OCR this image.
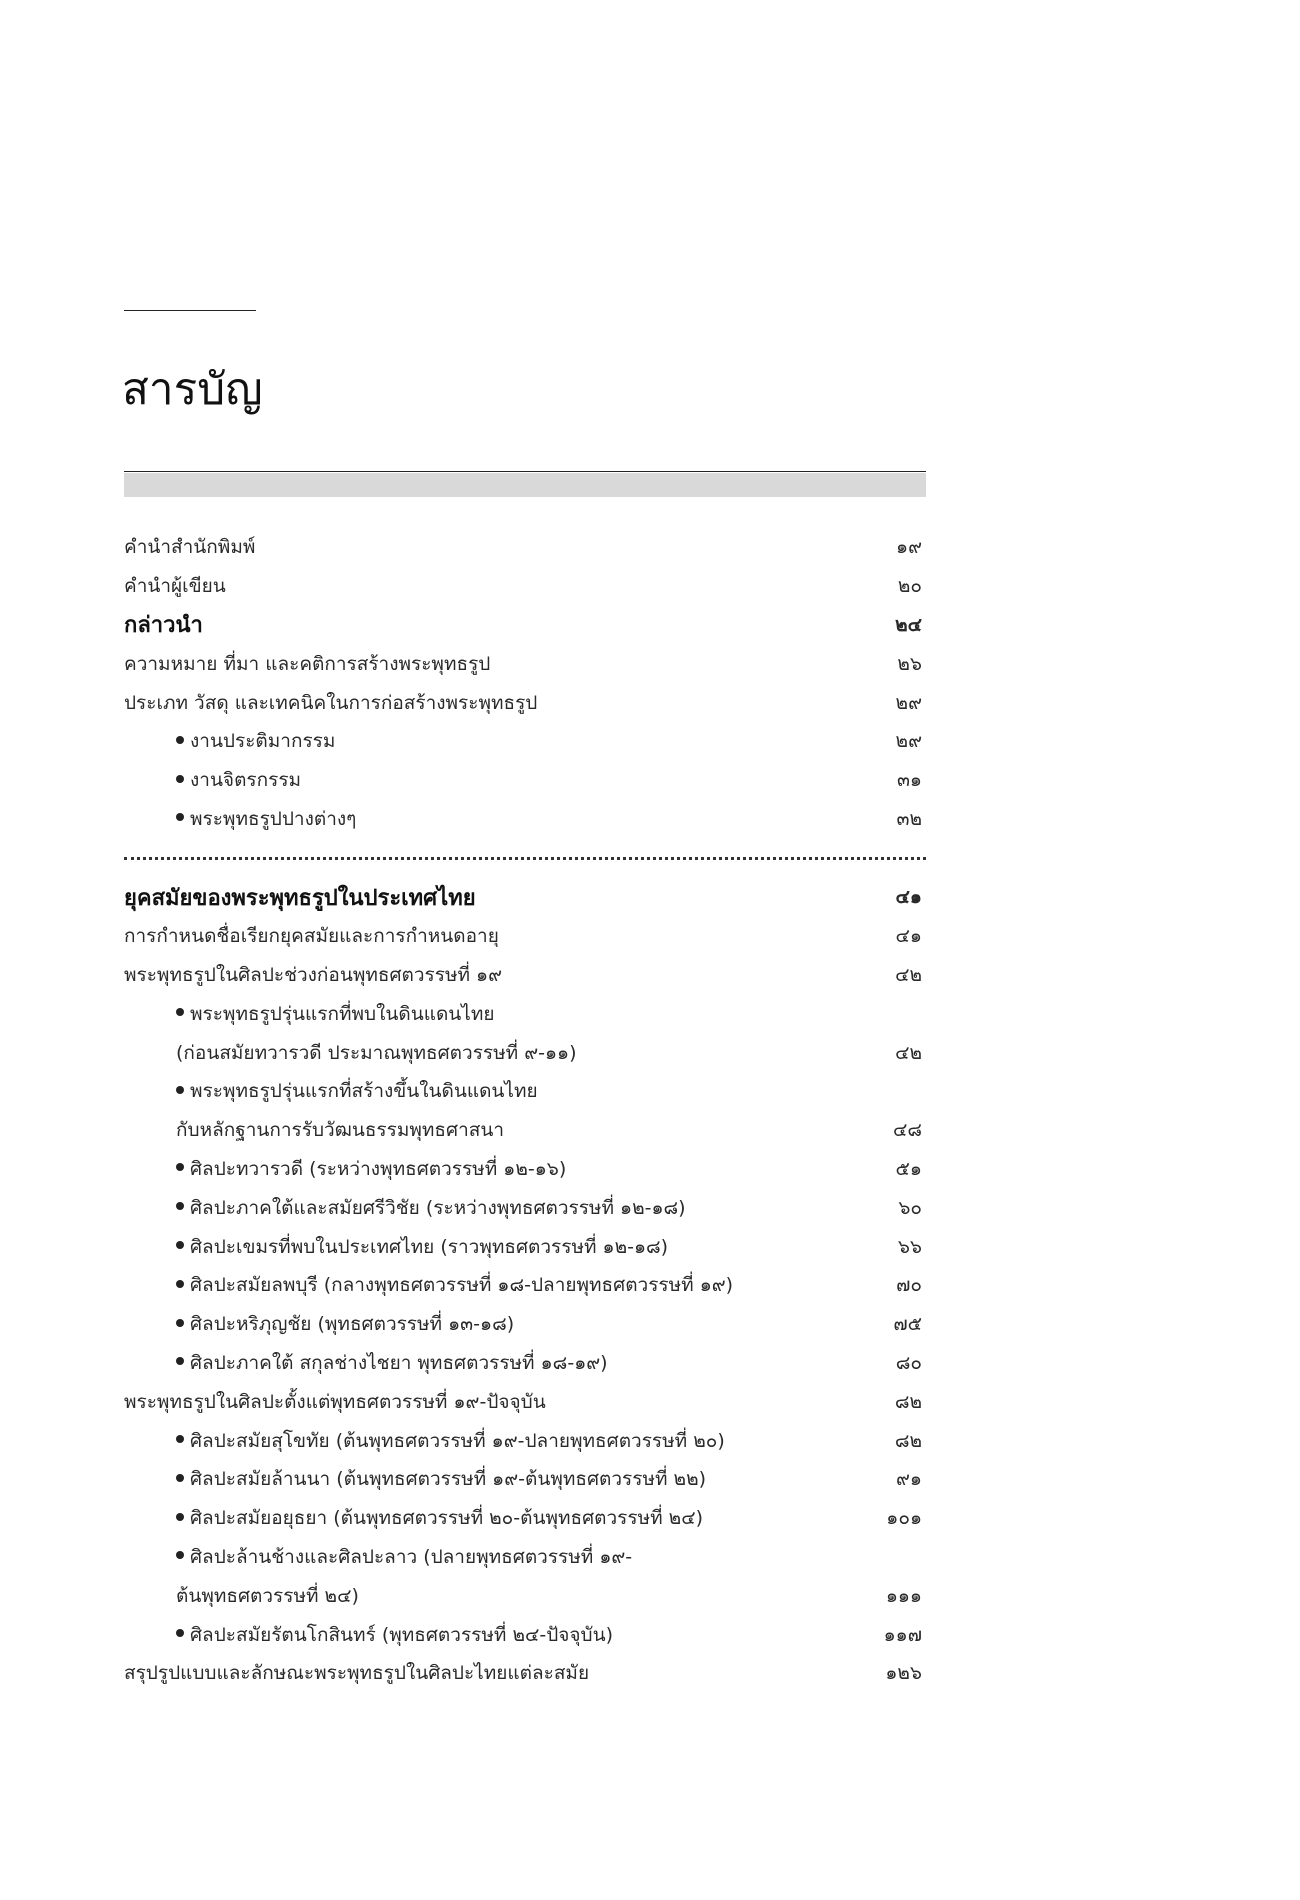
สารบัญ
คำนำสำนักพิมพ์	๑๙
คำนำผู้เขียน	๒๐
กล่าวนำ	๒๔
ความหมาย ที่มา และคติการสร้างพระพุทธรูป	๒๖
ประเภท วัสดุ และเทคนิคในการก่อสร้างพระพุทธรูป	๒๙
งานประติมากรรม	๒๙
งานจิตรกรรม	๓๑
พระพุทธรูปปางต่างๆ	๓๒
ยุคสมัยของพระพุทธรูปในประเทศไทย	๔๑
การกำหนดชื่อเรียกยุคสมัยและการกำหนดอายุ	๔๑
พระพุทธรูปในศิลปะช่วงก่อนพุทธศตวรรษที่ ๑๙	๔๒
พระพุทธรูปรุ่นแรกที่พบในดินแดนไทย
(ก่อนสมัยทวารวดี ประมาณพุทธศตวรรษที่ ๙-๑๑)	๔๒
พระพุทธรูปรุ่นแรกที่สร้างขึ้นในดินแดนไทย
กับหลักฐานการรับวัฒนธรรมพุทธศาสนา	๔๘
ศิลปะทวารวดี (ระหว่างพุทธศตวรรษที่ ๑๒-๑๖)	๕๑
ศิลปะภาคใต้และสมัยศรีวิชัย (ระหว่างพุทธศตวรรษที่ ๑๒-๑๘)	๖๐
ศิลปะเขมรที่พบในประเทศไทย (ราวพุทธศตวรรษที่ ๑๒-๑๘)	๖๖
ศิลปะสมัยลพบุรี (กลางพุทธศตวรรษที่ ๑๘-ปลายพุทธศตวรรษที่ ๑๙)	๗๐
ศิลปะหริภุญชัย (พุทธศตวรรษที่ ๑๓-๑๘)	๗๕
ศิลปะภาคใต้ สกุลช่างไชยา พุทธศตวรรษที่ ๑๘-๑๙)	๘๐
พระพุทธรูปในศิลปะตั้งแต่พุทธศตวรรษที่ ๑๙-ปัจจุบัน	๘๒
ศิลปะสมัยสุโขทัย (ต้นพุทธศตวรรษที่ ๑๙-ปลายพุทธศตวรรษที่ ๒๐)	๘๒
ศิลปะสมัยล้านนา (ต้นพุทธศตวรรษที่ ๑๙-ต้นพุทธศตวรรษที่ ๒๒)	๙๑
ศิลปะสมัยอยุธยา (ต้นพุทธศตวรรษที่ ๒๐-ต้นพุทธศตวรรษที่ ๒๔)	๑๐๑
ศิลปะล้านช้างและศิลปะลาว (ปลายพุทธศตวรรษที่ ๑๙-
ต้นพุทธศตวรรษที่ ๒๔)	๑๑๑
ศิลปะสมัยรัตนโกสินทร์ (พุทธศตวรรษที่ ๒๔-ปัจจุบัน)	๑๑๗
สรุปรูปแบบและลักษณะพระพุทธรูปในศิลปะไทยแต่ละสมัย	๑๒๖
